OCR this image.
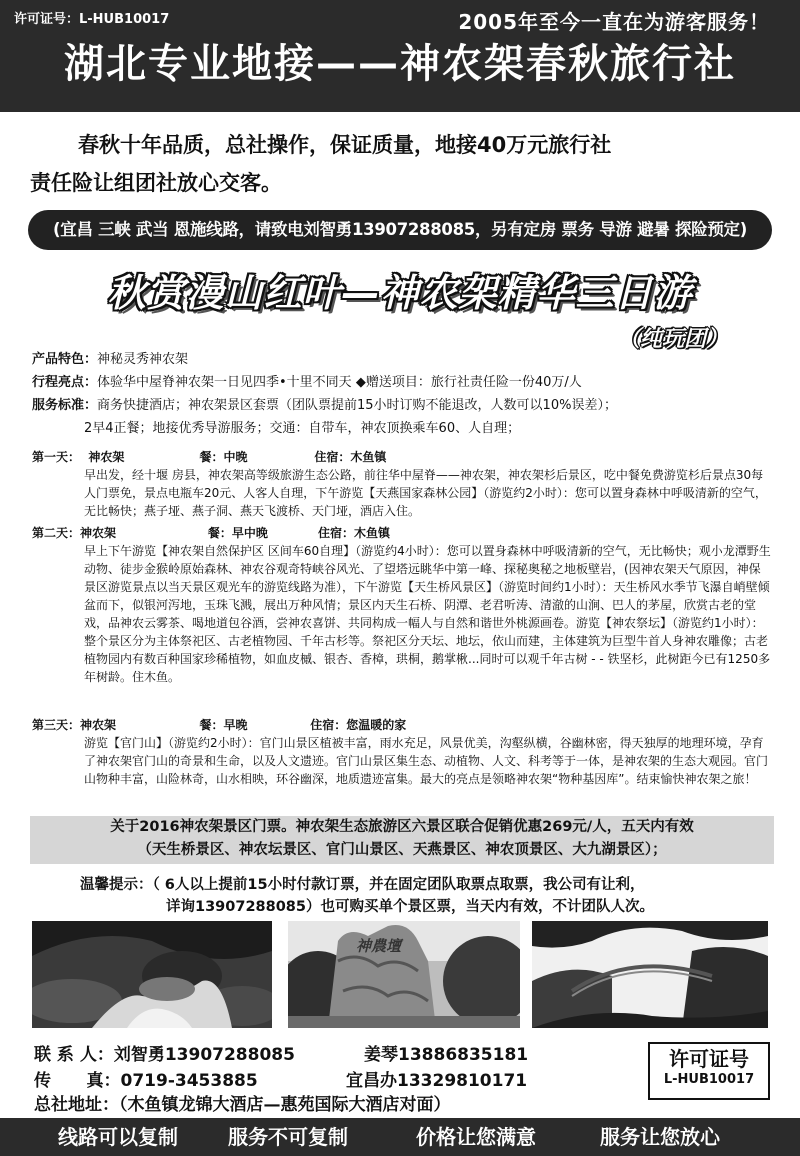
许可证号：L-HUB10017	2005年至今一直在为游客服务！
湖北专业地接——神农架春秋旅行社
春秋十年品质，总社操作，保证质量，地接40万元旅行社
责任险让组团社放心交客。
(宜昌 三峡 武当 恩施线路，请致电刘智勇13907288085，另有定房 票务 导游 避暑 探险预定)
秋赏漫山红叶—神农架精华三日游
（纯玩团）
产品特色：神秘灵秀神农架
行程亮点：体验华中屋脊神农架一日见四季•十里不同天 ◆赠送项目：旅行社责任险一份40万/人
服务标准：商务快捷酒店；神农架景区套票（团队票提前15小时订购不能退改，人数可以10%误差）；
2早4正餐；地接优秀导游服务；交通：自带车，神农顶换乘车60、人自理；
第一天：  神农架                  餐：中晚                住宿：木鱼镇
早出发，经十堰 房县，神农架高等级旅游生态公路，前往华中屋脊——神农架，神农架杉后景区，吃中餐免费游览杉后景点30每人门票免，景点电瓶车20元、人客人自理，下午游览【天燕国家森林公园】（游览约2小时）：您可以置身森林中呼吸清新的空气，无比畅快；燕子垭、燕子洞、燕天飞渡桥、天门垭，酒店入住。
第二天：神农架                      餐：早中晚            住宿：木鱼镇
早上下午游览【神农架自然保护区 区间车60自理】（游览约4小时）：您可以置身森林中呼吸清新的空气，无比畅快；观小龙潭野生动物、徒步金猴岭原始森林、神农谷观奇特峡谷风光、了望塔远眺华中第一峰、探秘奥秘之地板壁岩，(因神农架天气原因，神保景区游览景点以当天景区观光车的游览线路为准），下午游览【天生桥风景区】（游览时间约1小时）：天生桥风水季节飞瀑自峭壁倾盆而下，似银河泻地，玉珠飞溅，展出万种风情；景区内天生石桥、阴潭、老君听涛、清澈的山涧、巴人的茅屋，欣赏古老的堂戏，品神农云雾茶、喝地道包谷酒，尝神农喜饼、共同构成一幅人与自然和谐世外桃源画卷。游览【神农祭坛】（游览约1小时）：整个景区分为主体祭祀区、古老植物园、千年古杉等。祭祀区分天坛、地坛，依山而建，主体建筑为巨型牛首人身神农雕像；古老植物园内有数百种国家珍稀植物，如血皮槭、银杏、香樟，珙桐，鹅掌楸...同时可以观千年古树 - - 铁坚杉，此树距今已有1250多年树龄。住木鱼。
第三天：神农架                    餐：早晚               住宿：您温暖的家
游览【官门山】（游览约2小时）：官门山景区植被丰富，雨水充足，风景优美，沟壑纵横，谷幽林密，得天独厚的地理环境，孕育了神农架官门山的奇景和生命，以及人文遗迹。官门山景区集生态、动植物、人文、科考等于一体，是神农架的生态大观园。官门山物种丰富，山险林奇，山水相映，环谷幽深，地质遗迹富集。最大的亮点是领略神农架“物种基因库”。结束愉快神农架之旅！
关于2016神农架景区门票。神农架生态旅游区六景区联合促销优惠269元/人，五天内有效
（天生桥景区、神农坛景区、官门山景区、天燕景区、神农顶景区、大九湖景区）；
温馨提示：（ 6人以上提前15小时付款订票，并在固定团队取票点取票，我公司有让利，
详询13907288085）也可购买单个景区票，当天内有效，不计团队人次。
神農壇
联 系 人：刘智勇13907288085	姜琴13886835181
传      真：0719-3453885	宜昌办13329810171
总社地址：（木鱼镇龙锦大酒店—惠苑国际大酒店对面）
许可证号
L-HUB10017
线路可以复制	服务不可复制	价格让您满意	服务让您放心
